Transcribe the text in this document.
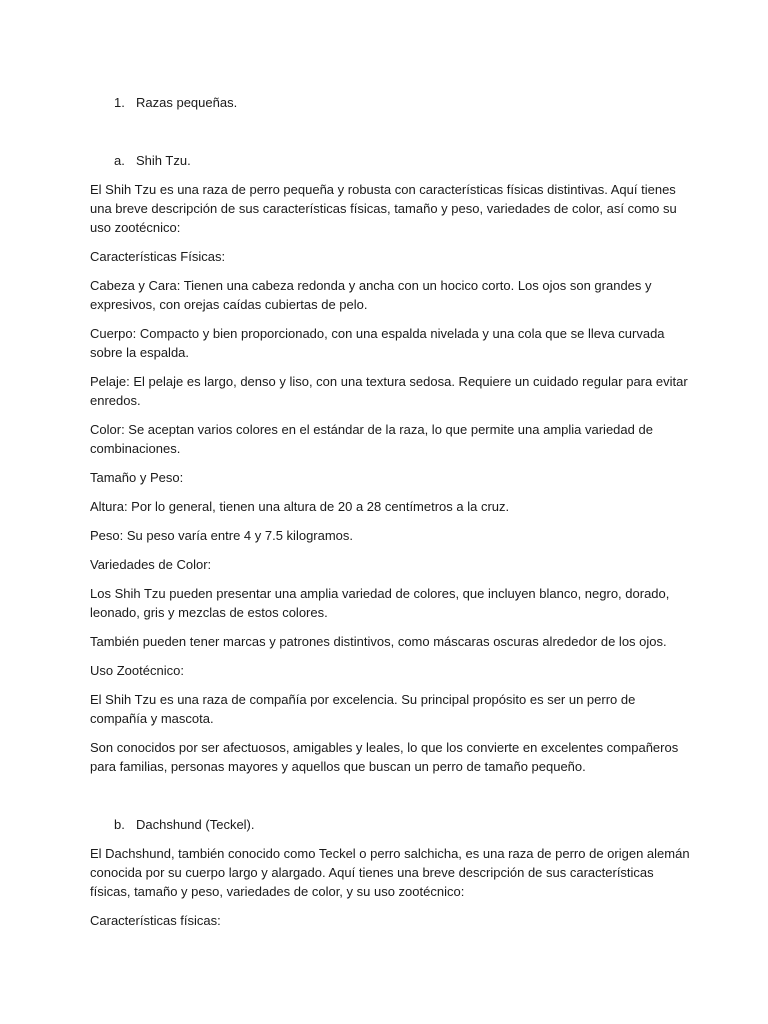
1. Razas pequeñas.
a. Shih Tzu.

El Shih Tzu es una raza de perro pequeña y robusta con características físicas distintivas. Aquí tienes una breve descripción de sus características físicas, tamaño y peso, variedades de color, así como su uso zootécnico:

Características Físicas:

Cabeza y Cara: Tienen una cabeza redonda y ancha con un hocico corto. Los ojos son grandes y expresivos, con orejas caídas cubiertas de pelo.

Cuerpo: Compacto y bien proporcionado, con una espalda nivelada y una cola que se lleva curvada sobre la espalda.

Pelaje: El pelaje es largo, denso y liso, con una textura sedosa. Requiere un cuidado regular para evitar enredos.

Color: Se aceptan varios colores en el estándar de la raza, lo que permite una amplia variedad de combinaciones.

Tamaño y Peso:

Altura: Por lo general, tienen una altura de 20 a 28 centímetros a la cruz.

Peso: Su peso varía entre 4 y 7.5 kilogramos.

Variedades de Color:

Los Shih Tzu pueden presentar una amplia variedad de colores, que incluyen blanco, negro, dorado, leonado, gris y mezclas de estos colores.

También pueden tener marcas y patrones distintivos, como máscaras oscuras alrededor de los ojos.

Uso Zootécnico:

El Shih Tzu es una raza de compañía por excelencia. Su principal propósito es ser un perro de compañía y mascota.

Son conocidos por ser afectuosos, amigables y leales, lo que los convierte en excelentes compañeros para familias, personas mayores y aquellos que buscan un perro de tamaño pequeño.

b. Dachshund (Teckel).

El Dachshund, también conocido como Teckel o perro salchicha, es una raza de perro de origen alemán conocida por su cuerpo largo y alargado. Aquí tienes una breve descripción de sus características físicas, tamaño y peso, variedades de color, y su uso zootécnico:

Características físicas:
